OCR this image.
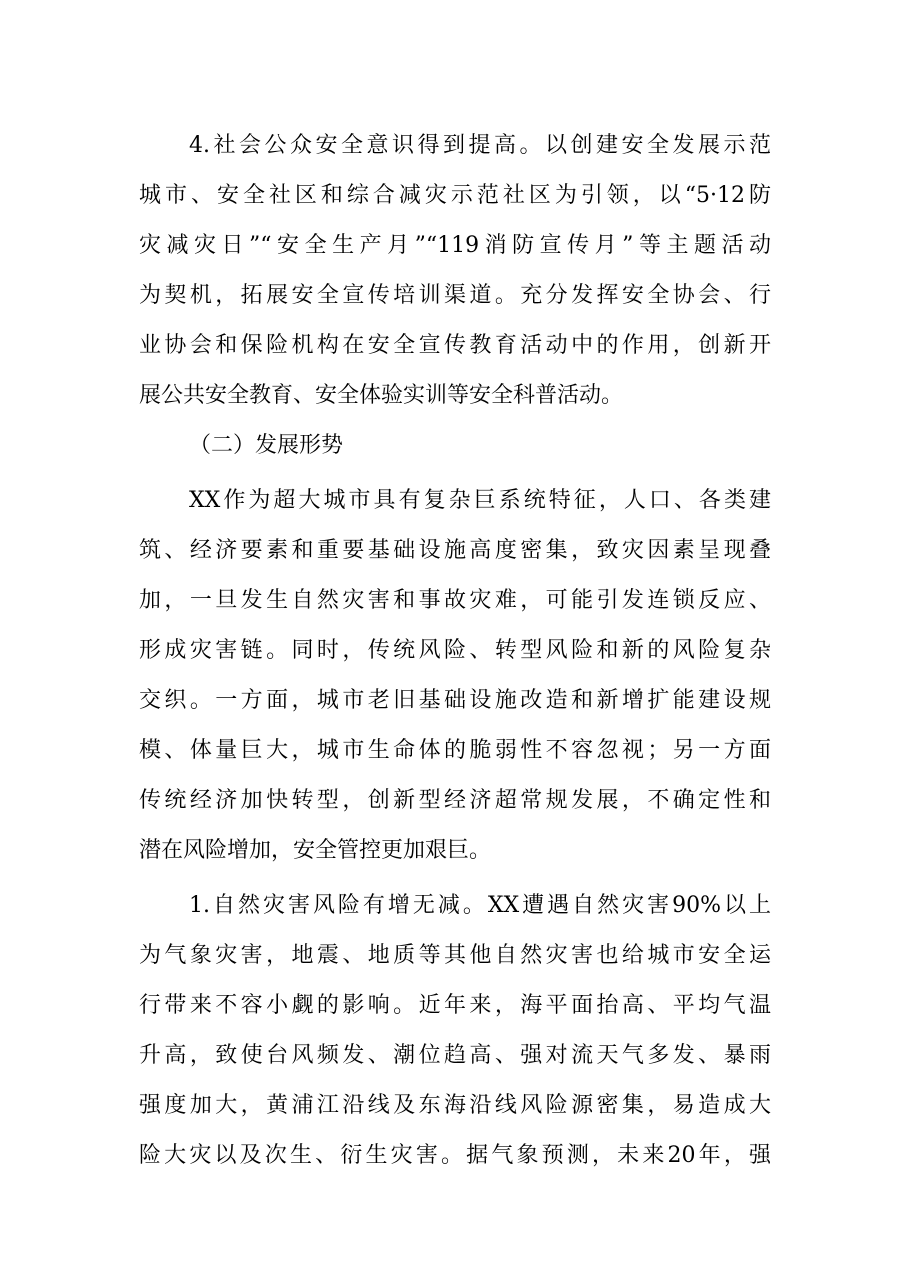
4.社会公众安全意识得到提高。以创建安全发展示范
城市、安全社区和综合减灾示范社区为引领，以“5·12防
灾减灾日”“安全生产月”“119消防宣传月”等主题活动
为契机，拓展安全宣传培训渠道。充分发挥安全协会、行
业协会和保险机构在安全宣传教育活动中的作用，创新开
展公共安全教育、安全体验实训等安全科普活动。
（二）发展形势
XX作为超大城市具有复杂巨系统特征，人口、各类建
筑、经济要素和重要基础设施高度密集，致灾因素呈现叠
加，一旦发生自然灾害和事故灾难，可能引发连锁反应、
形成灾害链。同时，传统风险、转型风险和新的风险复杂
交织。一方面，城市老旧基础设施改造和新增扩能建设规
模、体量巨大，城市生命体的脆弱性不容忽视；另一方面
传统经济加快转型，创新型经济超常规发展，不确定性和
潜在风险增加，安全管控更加艰巨。
1.自然灾害风险有增无减。XX遭遇自然灾害90%以上
为气象灾害，地震、地质等其他自然灾害也给城市安全运
行带来不容小觑的影响。近年来，海平面抬高、平均气温
升高，致使台风频发、潮位趋高、强对流天气多发、暴雨
强度加大，黄浦江沿线及东海沿线风险源密集，易造成大
险大灾以及次生、衍生灾害。据气象预测，未来20年，强
